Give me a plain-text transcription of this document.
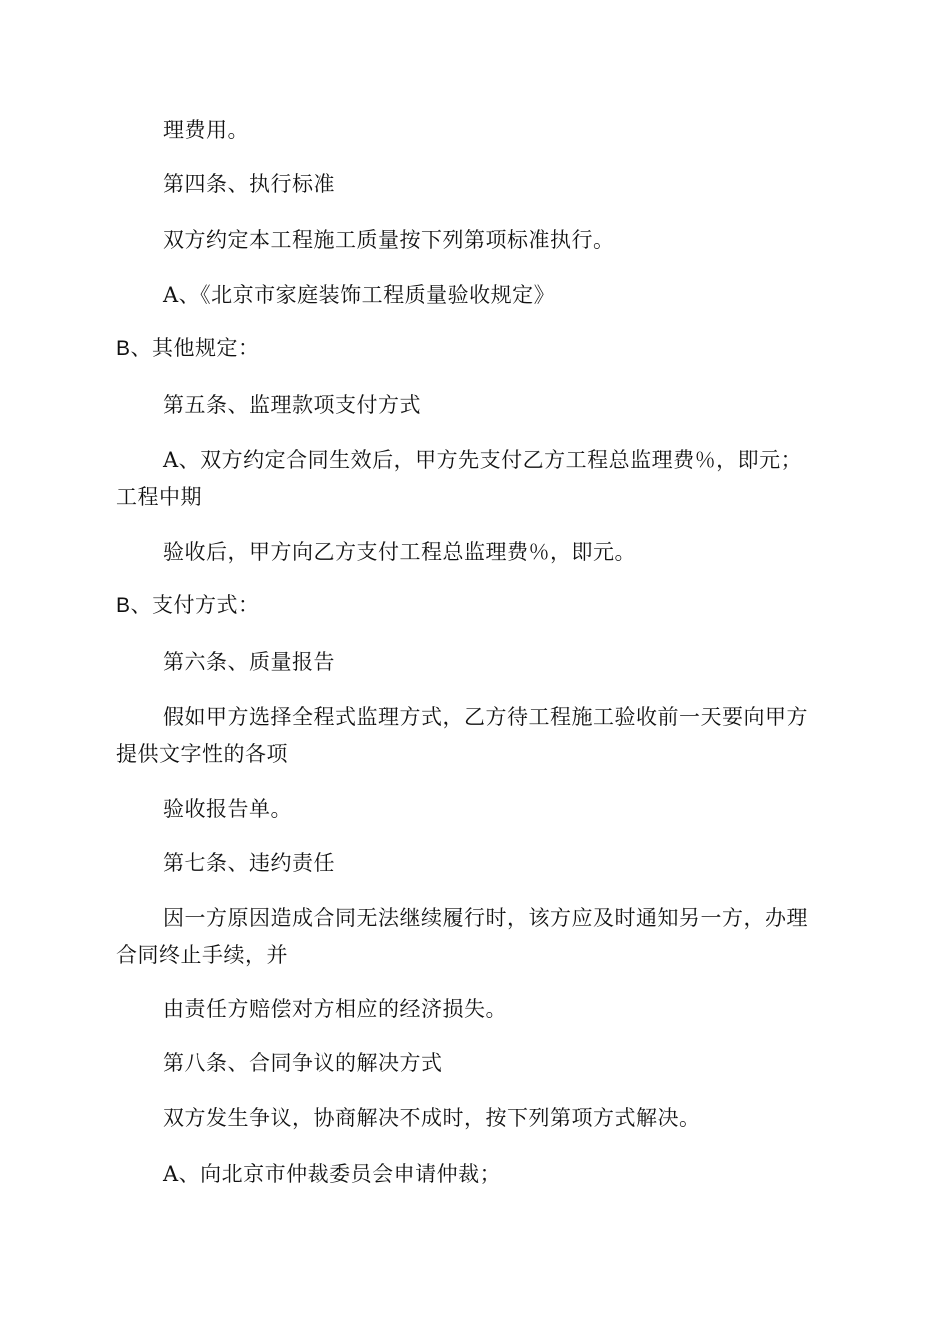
理费用。
第四条、执行标准
双方约定本工程施工质量按下列第项标准执行。
A、《北京市家庭装饰工程质量验收规定》
B、其他规定：
第五条、监理款项支付方式
A、双方约定合同生效后，甲方先支付乙方工程总监理费％，即元；
工程中期
验收后，甲方向乙方支付工程总监理费％，即元。
B、支付方式：
第六条、质量报告
假如甲方选择全程式监理方式，乙方待工程施工验收前一天要向甲方
提供文字性的各项
验收报告单。
第七条、违约责任
因一方原因造成合同无法继续履行时，该方应及时通知另一方，办理
合同终止手续，并
由责任方赔偿对方相应的经济损失。
第八条、合同争议的解决方式
双方发生争议，协商解决不成时，按下列第项方式解决。
A、向北京市仲裁委员会申请仲裁；
